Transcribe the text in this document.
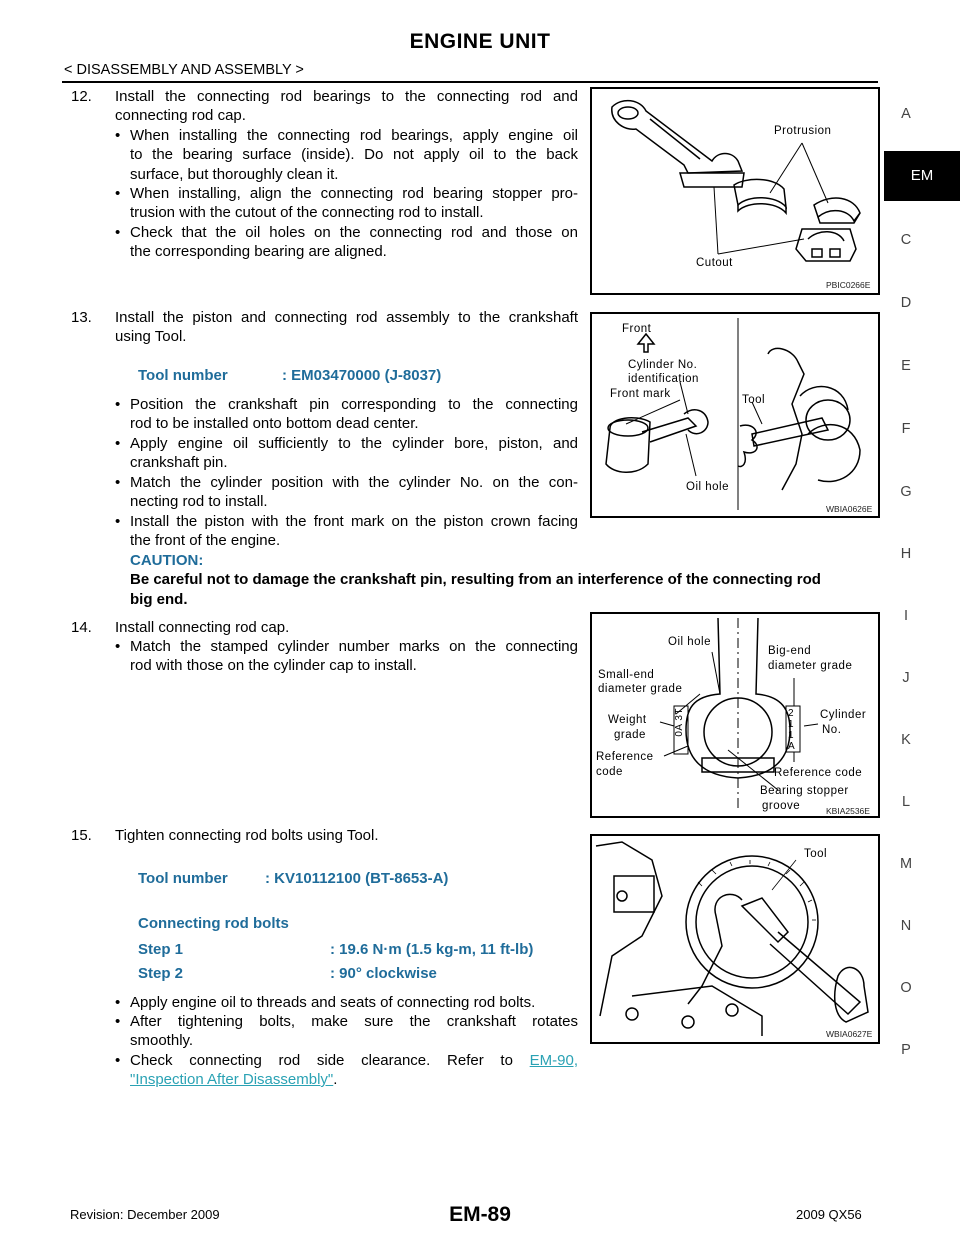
ENGINE UNIT
< DISASSEMBLY AND ASSEMBLY >
EM
A
C
D
E
F
G
H
I
J
K
L
M
N
O
P
12. Install the connecting rod bearings to the connecting rod and
connecting rod cap.
• When installing the connecting rod bearings, apply engine oil
to the bearing surface (inside). Do not apply oil to the back
surface, but thoroughly clean it.
• When installing, align the connecting rod bearing stopper pro-
trusion with the cutout of the connecting rod to install.
• Check that the oil holes on the connecting rod and those on
the corresponding bearing are aligned.
13. Install the piston and connecting rod assembly to the crankshaft
using Tool.
Tool number	: EM03470000 (J-8037)
• Position the crankshaft pin corresponding to the connecting
rod to be installed onto bottom dead center.
• Apply engine oil sufficiently to the cylinder bore, piston, and
crankshaft pin.
• Match the cylinder position with the cylinder No. on the con-
necting rod to install.
• Install the piston with the front mark on the piston crown facing
the front of the engine.
CAUTION:
Be careful not to damage the crankshaft pin, resulting from an interference of the connecting rod
big end.
14. Install connecting rod cap.
• Match the stamped cylinder number marks on the connecting
rod with those on the cylinder cap to install.
15. Tighten connecting rod bolts using Tool.
Tool number : KV10112100 (BT-8653-A)
Connecting rod bolts
Step 1	: 19.6 N·m (1.5 kg-m, 11 ft-lb)
Step 2	: 90° clockwise
• Apply engine oil to threads and seats of connecting rod bolts.
• After tightening bolts, make sure the crankshaft rotates
smoothly.
• Check connecting rod side clearance. Refer to EM-90,
"Inspection After Disassembly".
Protrusion
Cutout
PBIC0266E
Front
Cylinder No.
identification
Front mark	Tool
Oil hole
WBIA0626E
Oil hole
Big-end
diameter grade
Small-end
diameter grade
Weight
grade
Cylinder
No.
Reference
code	Reference code
Bearing stopper
groove
0A 3T	211A
KBIA2536E
Tool
WBIA0627E
Revision: December 2009	EM-89	2009 QX56
